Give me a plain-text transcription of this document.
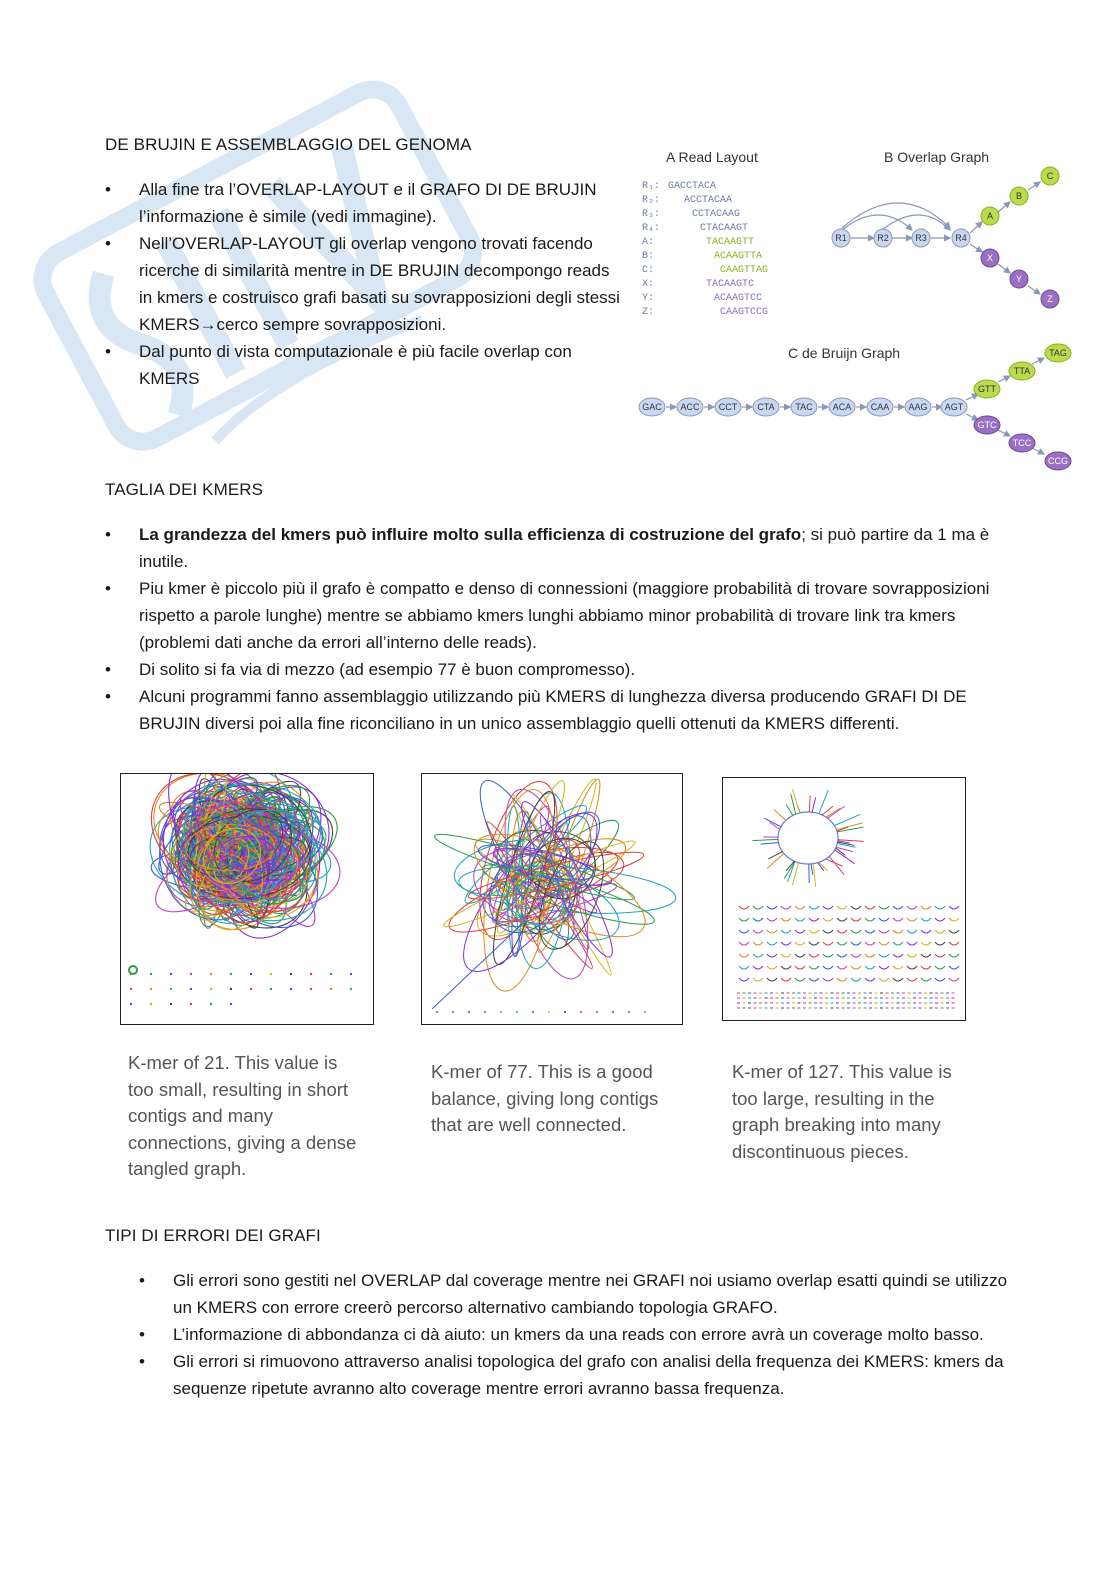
DE BRUJIN E ASSEMBLAGGIO DEL GENOMA
• Alla fine tra l’OVERLAP-LAYOUT e il GRAFO DI DE BRUJIN l’informazione è simile (vedi immagine).
• Nell’OVERLAP-LAYOUT gli overlap vengono trovati facendo ricerche di similarità mentre in DE BRUJIN decompongo reads in kmers e costruisco grafi basati su sovrapposizioni degli stessi KMERS→cerco sempre sovrapposizioni.
• Dal punto di vista computazionale è più facile overlap con KMERS
A Read Layout	B Overlap Graph
C de Bruijn Graph
R₁:
R₂:
R₃:
R₄:
A:
B:
C:
X:
Y:
Z:
GACCTACA
ACCTACAA
CCTACAAG
CTACAAGT
TACAAGTT
ACAAGTTA
CAAGTTAG
TACAAGTC
ACAAGTCC
CAAGTCCG
R1	R2	R3	R4
A
B
C
X
Y
Z
GAC ACC CCT CTA TAC ACA CAA AAG AGT
GTT
TTA
TAG
GTC
TCC
CCG
TAGLIA DEI KMERS
• La grandezza del kmers può influire molto sulla efficienza di costruzione del grafo; si può partire da 1 ma è inutile.
• Piu kmer è piccolo più il grafo è compatto e denso di connessioni (maggiore probabilità di trovare sovrapposizioni rispetto a parole lunghe) mentre se abbiamo kmers lunghi abbiamo minor probabilità di trovare link tra kmers (problemi dati anche da errori all’interno delle reads).
• Di solito si fa via di mezzo (ad esempio 77 è buon compromesso).
• Alcuni programmi fanno assemblaggio utilizzando più KMERS di lunghezza diversa producendo GRAFI DI DE BRUJIN diversi poi alla fine riconciliano in un unico assemblaggio quelli ottenuti da KMERS differenti.
K-mer of 21. This value is too small, resulting in short contigs and many connections, giving a dense tangled graph.
K-mer of 77. This is a good balance, giving long contigs that are well connected.
K-mer of 127. This value is too large, resulting in the graph breaking into many discontinuous pieces.
TIPI DI ERRORI DEI GRAFI
• Gli errori sono gestiti nel OVERLAP dal coverage mentre nei GRAFI noi usiamo overlap esatti quindi se utilizzo un KMERS con errore creerò percorso alternativo cambiando topologia GRAFO.
• L’informazione di abbondanza ci dà aiuto: un kmers da una reads con errore avrà un coverage molto basso.
• Gli errori si rimuovono attraverso analisi topologica del grafo con analisi della frequenza dei KMERS: kmers da sequenze ripetute avranno alto coverage mentre errori avranno bassa frequenza.
